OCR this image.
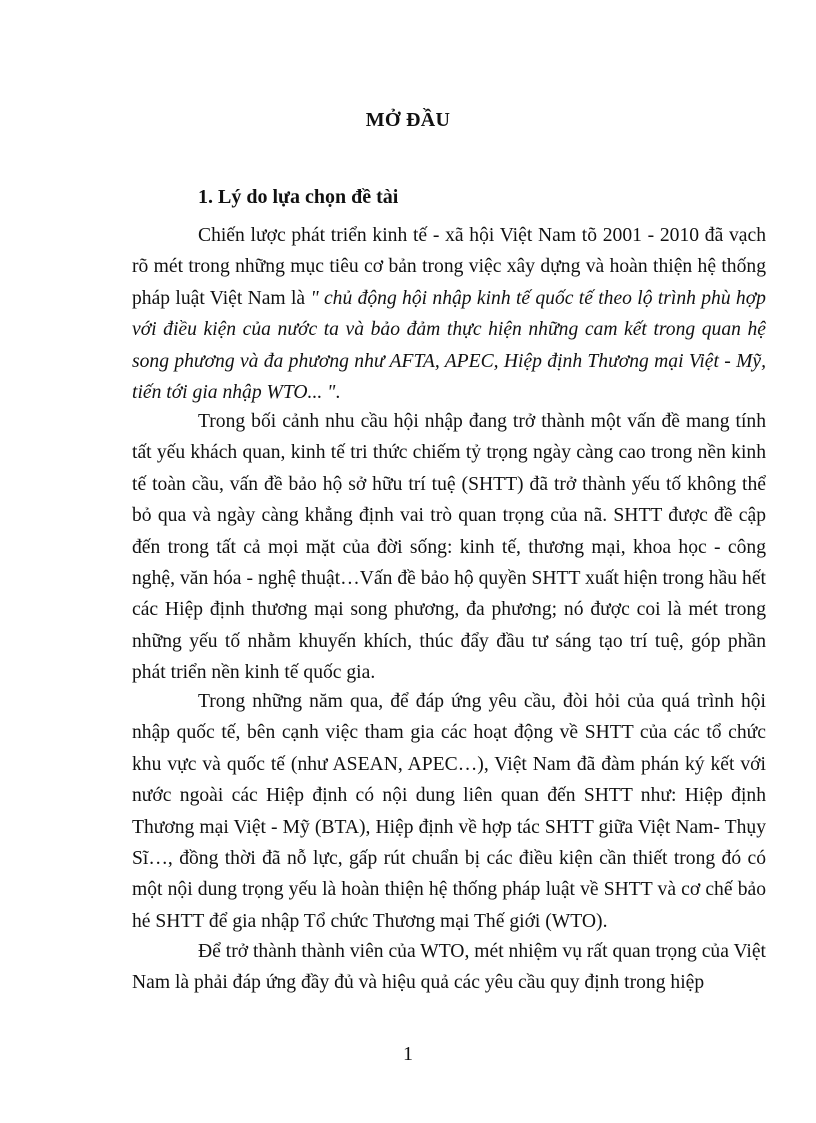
MỞ ĐẦU
1. Lý do lựa chọn đề tài

Chiến lược phát triển kinh tế - xã hội Việt Nam tõ 2001 - 2010 đã vạch rõ mét trong những mục tiêu cơ bản trong việc xây dựng và hoàn thiện hệ thống pháp luật Việt Nam là " chủ động hội nhập kinh tế quốc tế theo lộ trình phù hợp với điều kiện của nước ta và bảo đảm thực hiện những cam kết trong quan hệ song phương và đa phương như AFTA, APEC, Hiệp định Thương mại Việt - Mỹ, tiến tới gia nhập WTO... ".

Trong bối cảnh nhu cầu hội nhập đang trở thành một vấn đề mang tính tất yếu khách quan, kinh tế tri thức chiếm tỷ trọng ngày càng cao trong nền kinh tế toàn cầu, vấn đề bảo hộ sở hữu trí tuệ (SHTT) đã trở thành yếu tố không thể bỏ qua và ngày càng khẳng định vai trò quan trọng của nã. SHTT được đề cập đến trong tất cả mọi mặt của đời sống: kinh tế, thương mại, khoa học - công nghệ, văn hóa - nghệ thuật…Vấn đề bảo hộ quyền SHTT xuất hiện trong hầu hết các Hiệp định thương mại song phương, đa phương; nó được coi là mét trong những yếu tố nhằm khuyến khích, thúc đẩy đầu tư sáng tạo trí tuệ, góp phần phát triển nền kinh tế quốc gia.

Trong những năm qua, để đáp ứng yêu cầu, đòi hỏi của quá trình hội nhập quốc tế, bên cạnh việc tham gia các hoạt động về SHTT của các tổ chức khu vực và quốc tế (như ASEAN, APEC…), Việt Nam đã đàm phán ký kết với nước ngoài các Hiệp định có nội dung liên quan đến SHTT như: Hiệp định Thương mại Việt - Mỹ (BTA), Hiệp định về hợp tác SHTT giữa Việt Nam- Thụy Sĩ…, đồng thời đã nỗ lực, gấp rút chuẩn bị các điều kiện cần thiết trong đó có một nội dung trọng yếu là hoàn thiện hệ thống pháp luật về SHTT và cơ chế bảo hé SHTT để gia nhập Tổ chức Thương mại Thế giới (WTO).

Để trở thành thành viên của WTO, mét nhiệm vụ rất quan trọng của Việt Nam là phải đáp ứng đầy đủ và hiệu quả các yêu cầu quy định trong hiệp

1
